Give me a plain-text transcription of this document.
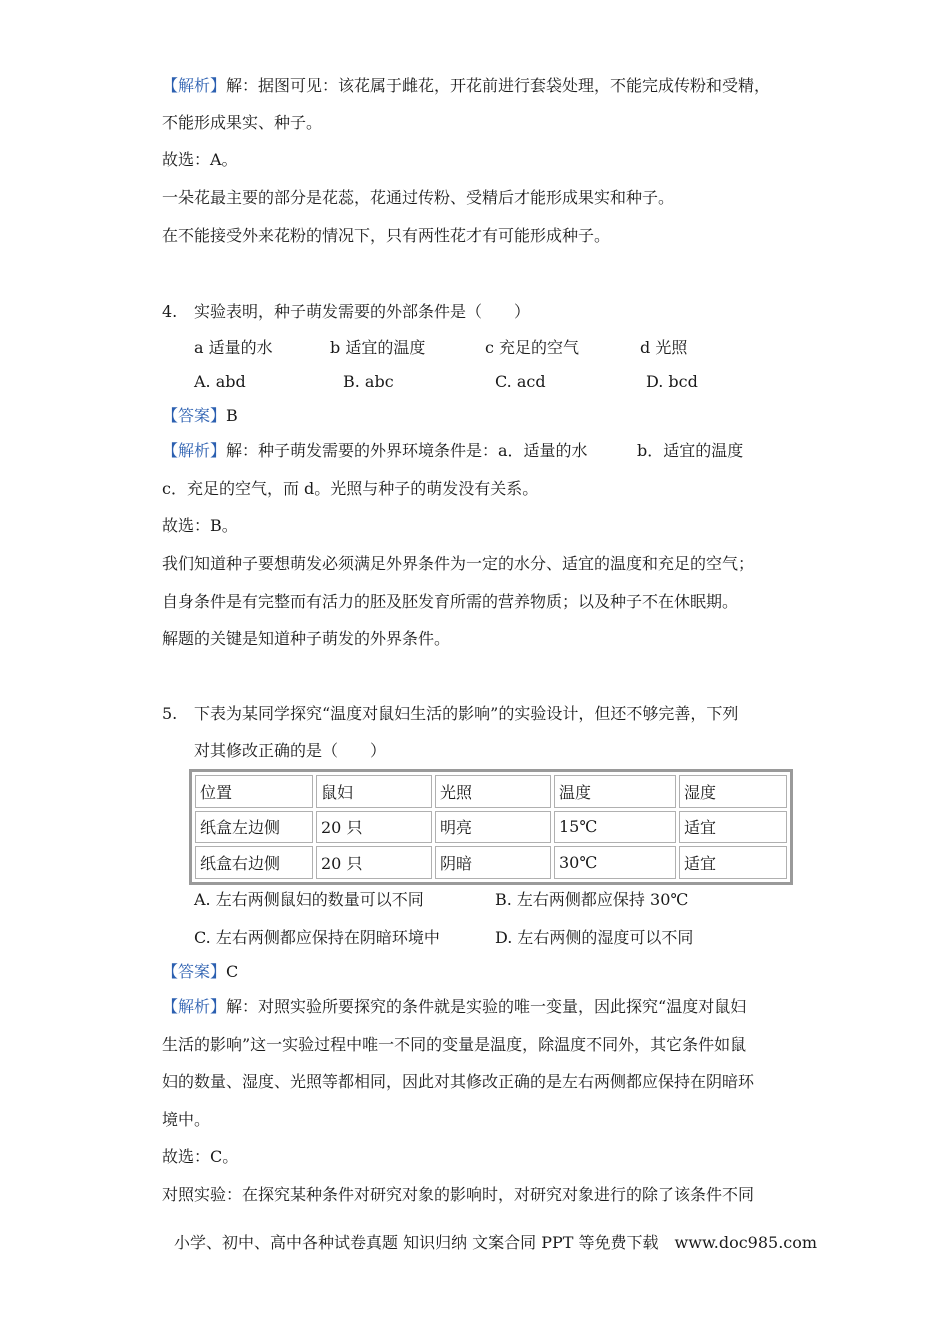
【解析】解：据图可见：该花属于雌花，开花前进行套袋处理，不能完成传粉和受精，
不能形成果实、种子。
故选：A。
一朵花最主要的部分是花蕊，花通过传粉、受精后才能形成果实和种子。
在不能接受外来花粉的情况下，只有两性花才有可能形成种子。
4. 实验表明，种子萌发需要的外部条件是（　　）
a 适量的水	b 适宜的温度	c 充足的空气	d 光照
A. abd	B. abc	C. acd	D. bcd
【答案】B
【解析】解：种子萌发需要的外界环境条件是：a．适量的水	b．适宜的温度
c．充足的空气，而 d。光照与种子的萌发没有关系。
故选：B。
我们知道种子要想萌发必须满足外界条件为一定的水分、适宜的温度和充足的空气；
自身条件是有完整而有活力的胚及胚发育所需的营养物质；以及种子不在休眠期。
解题的关键是知道种子萌发的外界条件。
5. 下表为某同学探究“温度对鼠妇生活的影响”的实验设计，但还不够完善，下列
对其修改正确的是（　　）
位置	鼠妇	光照	温度	湿度
纸盒左边侧	20 只	明亮	15℃	适宜
纸盒右边侧	20 只	阴暗	30℃	适宜
A. 左右两侧鼠妇的数量可以不同	B. 左右两侧都应保持 30℃
C. 左右两侧都应保持在阴暗环境中	D. 左右两侧的湿度可以不同
【答案】C
【解析】解：对照实验所要探究的条件就是实验的唯一变量，因此探究“温度对鼠妇
生活的影响”这一实验过程中唯一不同的变量是温度，除温度不同外，其它条件如鼠
妇的数量、湿度、光照等都相同，因此对其修改正确的是左右两侧都应保持在阴暗环
境中。
故选：C。
对照实验：在探究某种条件对研究对象的影响时，对研究对象进行的除了该条件不同
小学、初中、高中各种试卷真题 知识归纳 文案合同 PPT 等免费下载　www.doc985.com
